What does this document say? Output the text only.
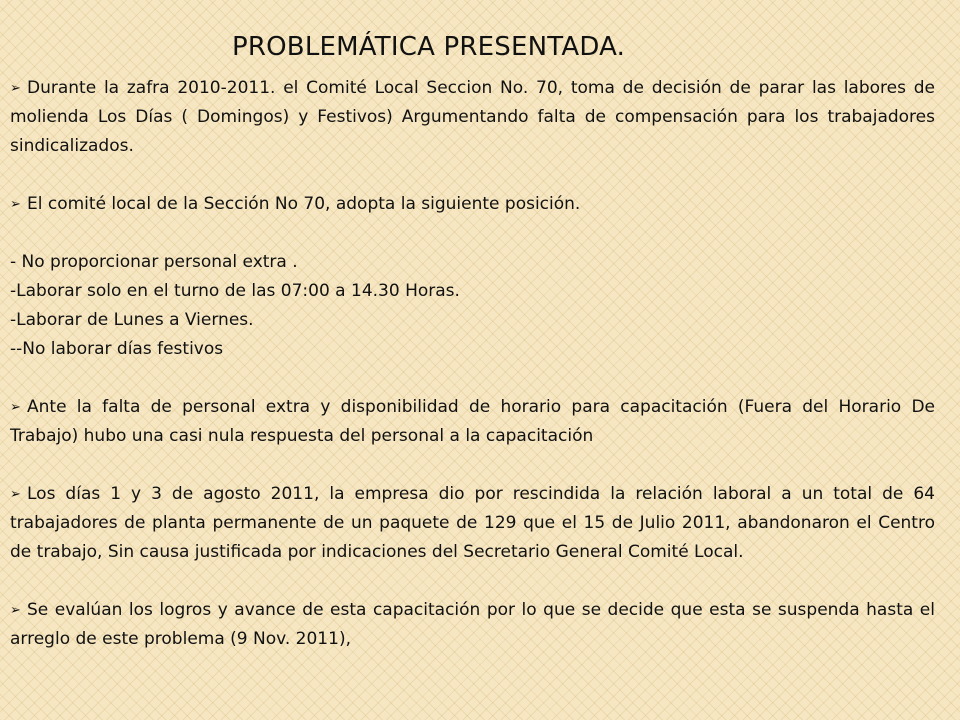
PROBLEMÁTICA PRESENTADA.

➢ Durante la zafra 2010-2011. el Comité Local Seccion No. 70, toma de decisión de parar las labores de molienda Los Días ( Domingos) y Festivos) Argumentando falta de compensación para los trabajadores sindicalizados.

➢ El comité local de la Sección No 70, adopta la siguiente posición.

- No proporcionar personal extra .

-Laborar solo en el turno de las 07:00 a 14.30 Horas.

-Laborar de Lunes a Viernes.

--No laborar días festivos

➢ Ante la falta de personal extra y disponibilidad de horario para capacitación (Fuera del Horario De Trabajo) hubo una casi nula respuesta del personal a la capacitación

➢ Los días 1 y 3 de agosto 2011, la empresa dio por rescindida la relación laboral a un total de 64 trabajadores de planta permanente de un paquete de 129 que el 15 de Julio 2011, abandonaron el Centro de trabajo, Sin causa justificada por indicaciones del Secretario General Comité Local.

➢ Se evalúan los logros y avance de esta capacitación por lo que se decide que esta se suspenda hasta el arreglo de este problema (9 Nov. 2011),
